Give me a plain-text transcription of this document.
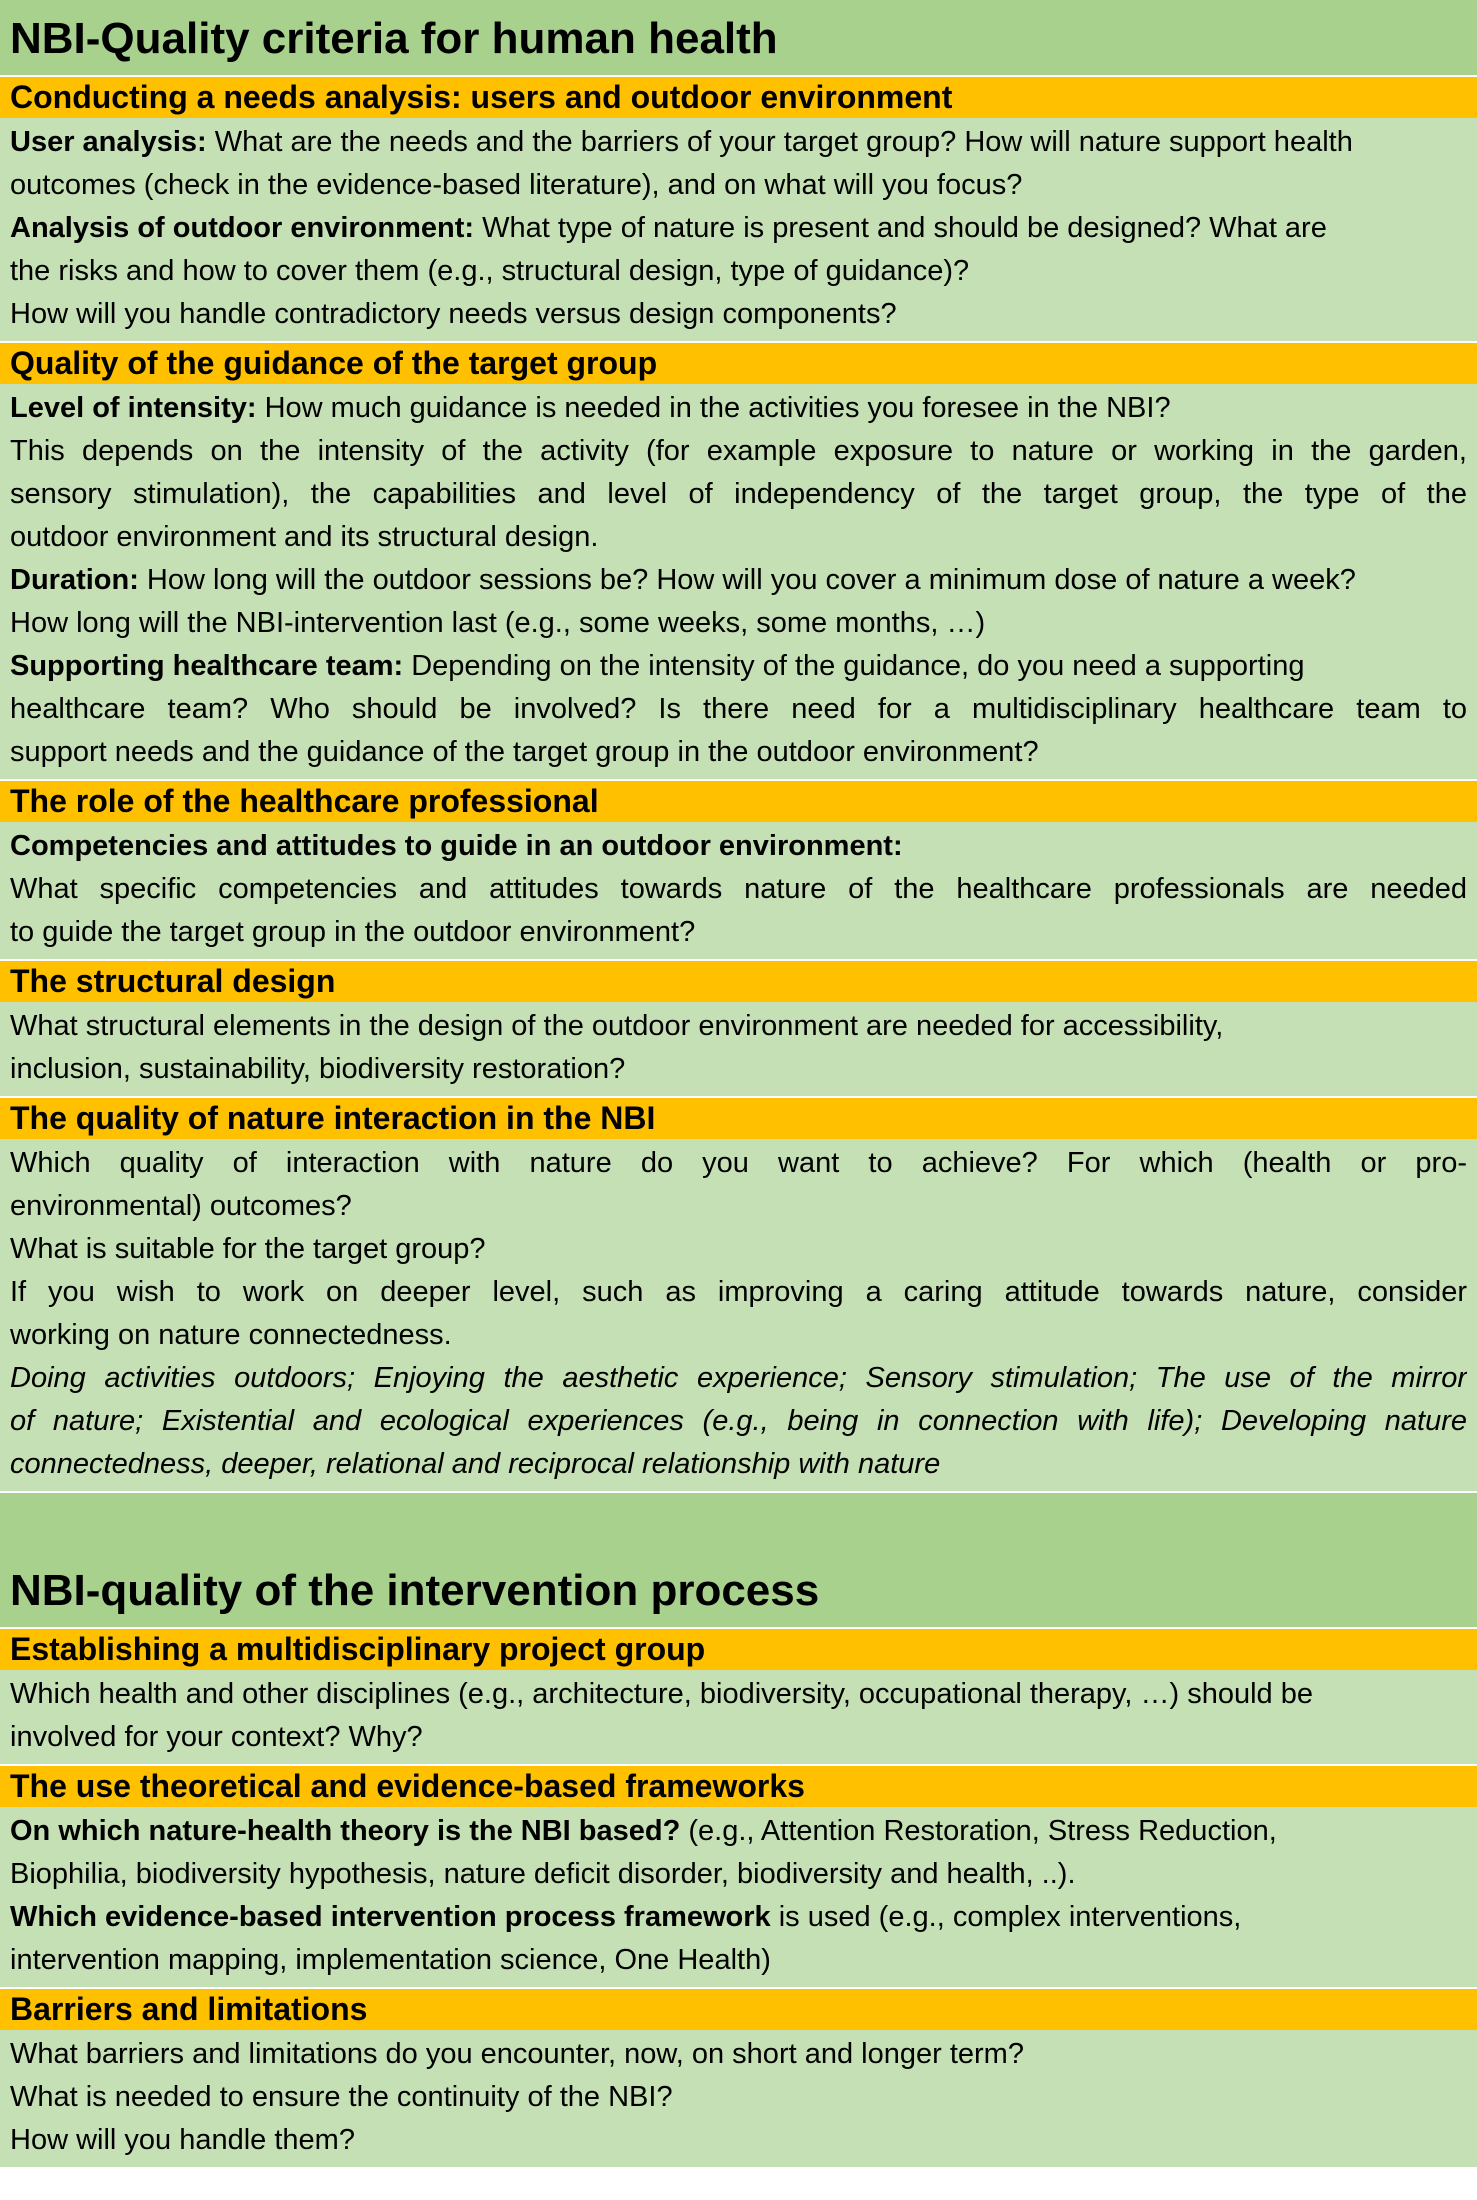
NBI-Quality criteria for human health
Conducting a needs analysis: users and outdoor environment
User analysis: What are the needs and the barriers of your target group? How will nature support health
outcomes (check in the evidence-based literature), and on what will you focus?
Analysis of outdoor environment: What type of nature is present and should be designed? What are
the risks and how to cover them (e.g., structural design, type of guidance)?
How will you handle contradictory needs versus design components?
Quality of the guidance of the target group
Level of intensity: How much guidance is needed in the activities you foresee in the NBI?
This depends on the intensity of the activity (for example exposure to nature or working in the garden,
sensory stimulation), the capabilities and level of independency of the target group, the type of the
outdoor environment and its structural design.
Duration: How long will the outdoor sessions be? How will you cover a minimum dose of nature a week?
How long will the NBI-intervention last (e.g., some weeks, some months, …)
Supporting healthcare team: Depending on the intensity of the guidance, do you need a supporting
healthcare team? Who should be involved? Is there need for a multidisciplinary healthcare team to
support needs and the guidance of the target group in the outdoor environment?
The role of the healthcare professional
Competencies and attitudes to guide in an outdoor environment:
What specific competencies and attitudes towards nature of the healthcare professionals are needed
to guide the target group in the outdoor environment?
The structural design
What structural elements in the design of the outdoor environment are needed for accessibility,
inclusion, sustainability, biodiversity restoration?
The quality of nature interaction in the NBI
Which quality of interaction with nature do you want to achieve? For which (health or pro-
environmental) outcomes?
What is suitable for the target group?
If you wish to work on deeper level, such as improving a caring attitude towards nature, consider
working on nature connectedness.
Doing activities outdoors; Enjoying the aesthetic experience; Sensory stimulation; The use of the mirror
of nature; Existential and ecological experiences (e.g., being in connection with life); Developing nature
connectedness, deeper, relational and reciprocal relationship with nature
NBI-quality of the intervention process
Establishing a multidisciplinary project group
Which health and other disciplines (e.g., architecture, biodiversity, occupational therapy, …) should be
involved for your context? Why?
The use theoretical and evidence-based frameworks
On which nature-health theory is the NBI based? (e.g., Attention Restoration, Stress Reduction,
Biophilia, biodiversity hypothesis, nature deficit disorder, biodiversity and health, ..).
Which evidence-based intervention process framework is used (e.g., complex interventions,
intervention mapping, implementation science, One Health)
Barriers and limitations
What barriers and limitations do you encounter, now, on short and longer term?
What is needed to ensure the continuity of the NBI?
How will you handle them?
